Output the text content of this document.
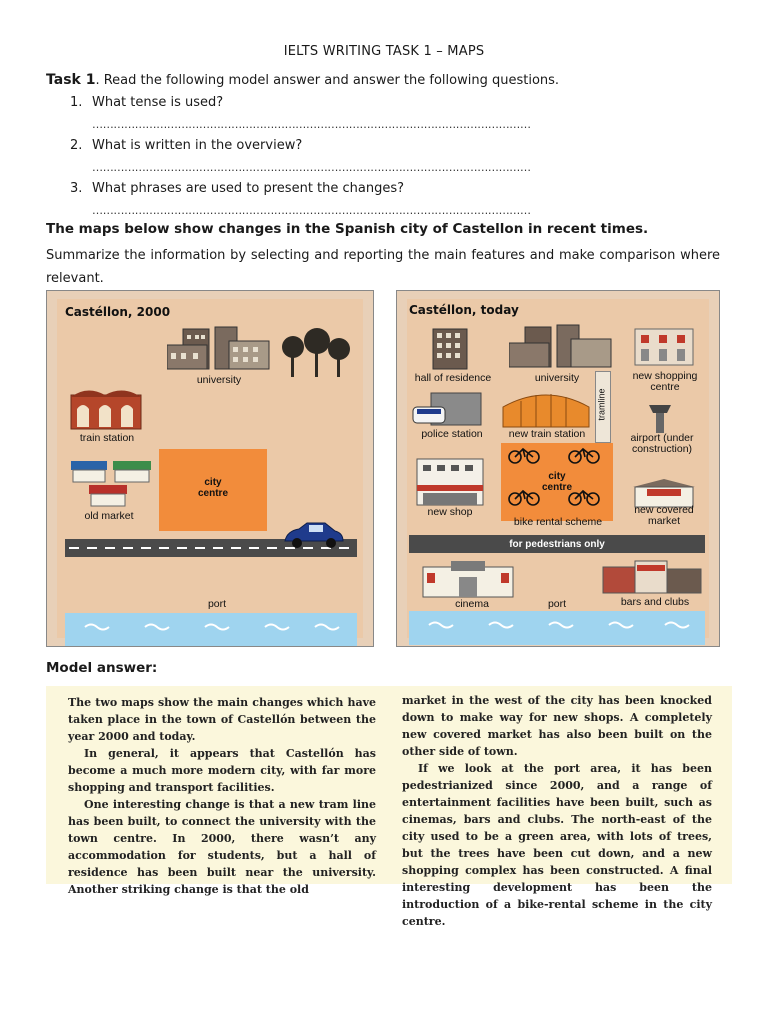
IELTS WRITING TASK 1 – MAPS
Task 1. Read the following model answer and answer the following questions.
1. What tense is used?
……………………………………………………………………………………………………………
2. What is written in the overview?
……………………………………………………………………………………………………………
3. What phrases are used to present the changes?
……………………………………………………………………………………………………………
The maps below show changes in the Spanish city of Castellon in recent times.
Summarize the information by selecting and reporting the main features and make comparison where relevant.
Castéllon, 2000
university
train station
city centre
old market
port
Castéllon, today
hall of residence	university	new shopping centre
police station	new train station
tramline
airport (under construction)
new shop
city centre
bike rental scheme
new covered market
for pedestrians only
cinema	port	bars and clubs
Model answer:

The two maps show the main changes which have taken place in the town of Castellón between the year 2000 and today.

In general, it appears that Castellón has become a much more modern city, with far more shopping and transport facilities.

One interesting change is that a new tram line has been built, to connect the university with the town centre. In 2000, there wasn’t any accommodation for students, but a hall of residence has been built near the university. Another striking change is that the old

market in the west of the city has been knocked down to make way for new shops. A completely new covered market has also been built on the other side of town.

If we look at the port area, it has been pedestrianized since 2000, and a range of entertainment facilities have been built, such as cinemas, bars and clubs. The north-east of the city used to be a green area, with lots of trees, but the trees have been cut down, and a new shopping complex has been constructed. A final interesting development has been the introduction of a bike-rental scheme in the city centre.
